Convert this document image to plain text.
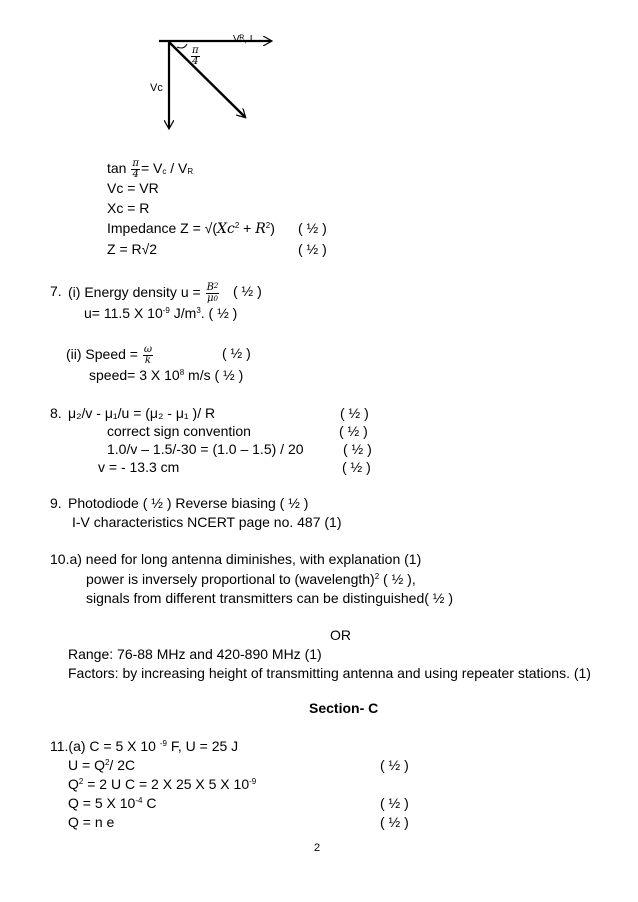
Vᴿ, I
Vc
$\frac{\pi}{4}$
$\tan \frac{\pi}{4} = Vc$ / VR
Vc = VR
Xc = R
Impedance $Z = √(Xc^2 + R^2)$ ( ½ )
Z = R√2	( ½ )
7. (i) Energy density $u = \frac{B^2}{\mu 0}$ ( ½ )
u= 11.5 X $10^{-9}$ $J/m^3$. ( ½ )
(ii) Speed = $\frac{\omega}{k}$	( ½ )
speed= 3 X $10^8$ m/s ( ½ )
8. μ₂/v - μ₁/u = (μ₂ - μ₁ )/ R	( ½ )
correct sign convention	( ½ )
1.0/v – 1.5/-30 = (1.0 – 1.5) / 20	( ½ )
v = - 13.3 cm	( ½ )
9. Photodiode ( ½ ) Reverse biasing ( ½ )
I-V characteristics NCERT page no. 487 (1)
10.a) need for long antenna diminishes, with explanation (1)
power is inversely proportional to (wavelength)$^2$ ( ½ ),
signals from different transmitters can be distinguished( ½ )
OR
Range: 76-88 MHz and 420-890 MHz (1)
Factors: by increasing height of transmitting antenna and using repeater stations. (1)
Section- C
11.(a) C = 5 X 10 $^{-9}$ F, U = 25 J
$U = Q^2/$ 2C	( ½ )
$Q^2 = 2$ U C = 2 X 25 X 5 X $10^{-9}$
Q = 5 X $10^{-4}$ C	( ½ )
Q = n e	( ½ )
2
